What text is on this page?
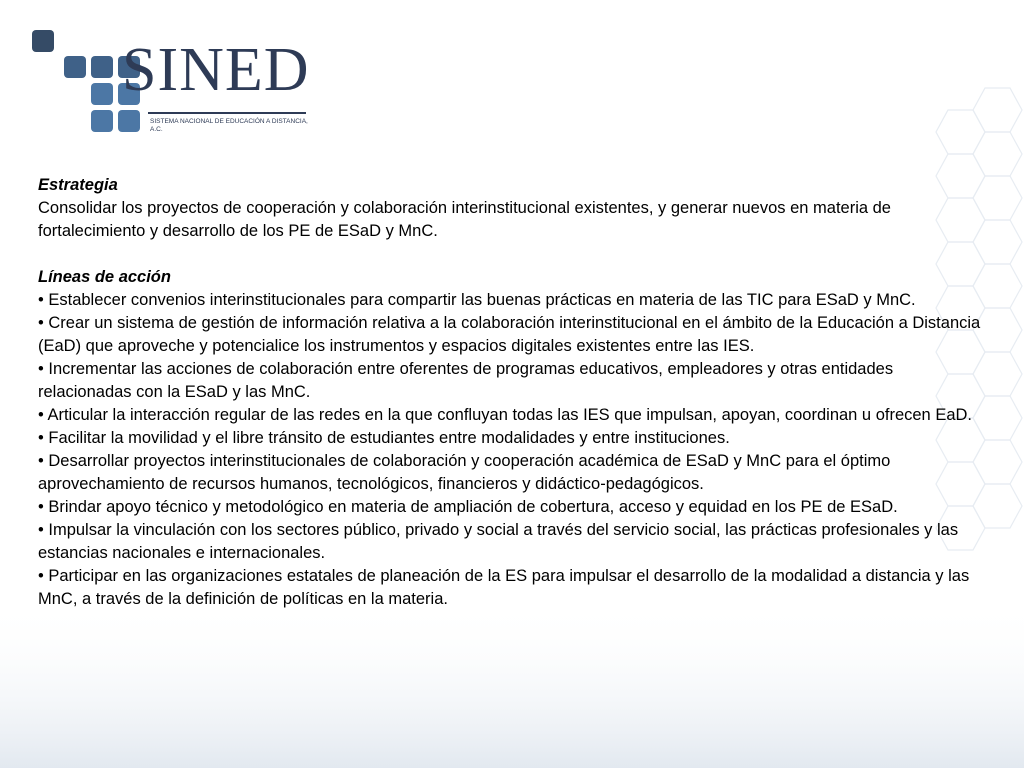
SINED
SISTEMA NACIONAL DE EDUCACIÓN A DISTANCIA, A.C.

Estrategia

Consolidar los proyectos de cooperación y colaboración interinstitucional existentes, y generar nuevos en materia de fortalecimiento y desarrollo de los PE de ESaD y MnC.

Líneas de acción

• Establecer convenios interinstitucionales para compartir las buenas prácticas en materia de las TIC para ESaD y MnC.

• Crear un sistema de gestión de información relativa a la colaboración interinstitucional en el ámbito de la Educación a Distancia (EaD) que aproveche y potencialice los instrumentos y espacios digitales existentes entre las IES.

• Incrementar las acciones de colaboración entre oferentes de programas educativos, empleadores y otras entidades relacionadas con la ESaD y las MnC.

• Articular la interacción regular de las redes en la que confluyan todas las IES que impulsan, apoyan, coordinan u ofrecen EaD.

• Facilitar la movilidad y el libre tránsito de estudiantes entre modalidades y entre instituciones.

• Desarrollar proyectos interinstitucionales de colaboración y cooperación académica de ESaD y MnC para el óptimo aprovechamiento de recursos humanos, tecnológicos, financieros y didáctico-pedagógicos.

• Brindar apoyo técnico y metodológico en materia de ampliación de cobertura, acceso y equidad en los PE de ESaD.

• Impulsar la vinculación con los sectores público, privado y social a través del servicio social, las prácticas profesionales y las estancias nacionales e internacionales.

• Participar en las organizaciones estatales de planeación de la ES para impulsar el desarrollo de la modalidad a distancia y las MnC, a través de la definición de políticas en la materia.
